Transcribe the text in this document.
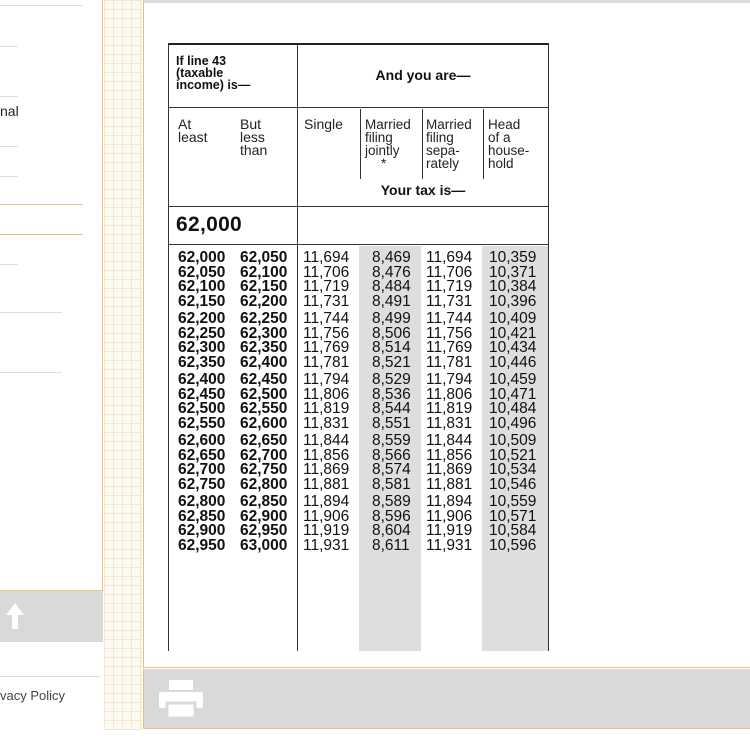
nal
vacy Policy
If line 43
(taxable
income) is—
And you are—
At
least
But
less
than
Single Married
filing
jointly
*
Married
filing
sepa-
rately
Head
of a
house-
hold
Your tax is—
62,000
62,000 62,050 11,694 8,469 11,694 10,359
62,050 62,100 11,706 8,476 11,706 10,371
62,100 62,150 11,719 8,484 11,719 10,384
62,150 62,200 11,731 8,491 11,731 10,396
62,200 62,250 11,744 8,499 11,744 10,409
62,250 62,300 11,756 8,506 11,756 10,421
62,300 62,350 11,769 8,514 11,769 10,434
62,350 62,400 11,781 8,521 11,781 10,446
62,400 62,450 11,794 8,529 11,794 10,459
62,450 62,500 11,806 8,536 11,806 10,471
62,500 62,550 11,819 8,544 11,819 10,484
62,550 62,600 11,831 8,551 11,831 10,496
62,600 62,650 11,844 8,559 11,844 10,509
62,650 62,700 11,856 8,566 11,856 10,521
62,700 62,750 11,869 8,574 11,869 10,534
62,750 62,800 11,881 8,581 11,881 10,546
62,800 62,850 11,894 8,589 11,894 10,559
62,850 62,900 11,906 8,596 11,906 10,571
62,900 62,950 11,919 8,604 11,919 10,584
62,950 63,000 11,931 8,611 11,931 10,596
